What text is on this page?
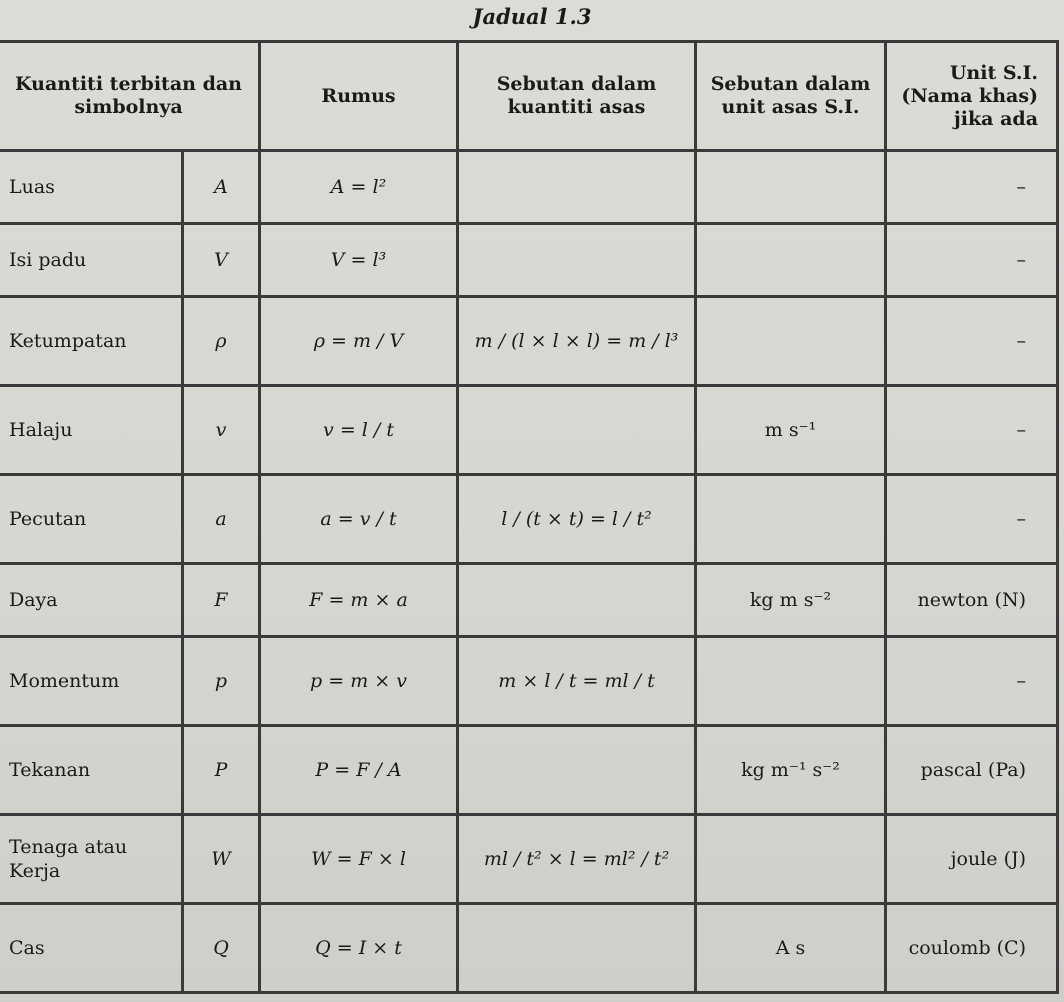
Jadual 1.3
Kuantiti terbitan dan simbolnya		Rumus	Sebutan dalam kuantiti asas	Sebutan dalam unit asas S.I.	Unit S.I. (Nama khas) jika ada
Luas	A	A = l²			–
Isi padu	V	V = l³			–
Ketumpatan	ρ	ρ = m / V	m / (l × l × l) = m / l³		–
Halaju	v	v = l / t		m s⁻¹	–
Pecutan	a	a = v / t	l / (t × t) = l / t²		–
Daya	F	F = m × a		kg m s⁻²	newton (N)
Momentum	p	p = m × v	m × l / t = ml / t		–
Tekanan	P	P = F / A		kg m⁻¹ s⁻²	pascal (Pa)
Tenaga atau Kerja	W	W = F × l	ml / t² × l = ml² / t²		joule (J)
Cas	Q	Q = I × t		A s	coulomb (C)
